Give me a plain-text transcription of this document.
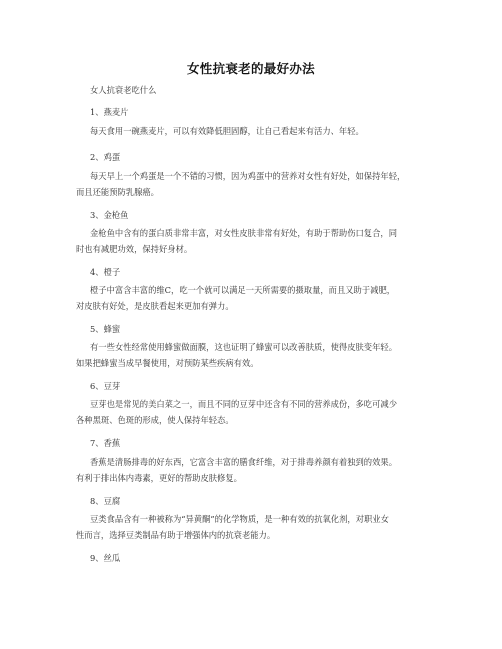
女性抗衰老的最好办法
女人抗衰老吃什么
1、燕麦片
每天食用一碗燕麦片，可以有效降低胆固醇，让自己看起来有活力、年轻。
2、鸡蛋
每天早上一个鸡蛋是一个不错的习惯，因为鸡蛋中的营养对女性有好处，如保持年轻，
而且还能预防乳腺癌。
3、金枪鱼
金枪鱼中含有的蛋白质非常丰富，对女性皮肤非常有好处，有助于帮助伤口复合，同
时也有减肥功效，保持好身材。
4、橙子
橙子中富含丰富的维C，吃一个就可以满足一天所需要的摄取量，而且又助于减肥，
对皮肤有好处，是皮肤看起来更加有弹力。
5、蜂蜜
有一些女性经常使用蜂蜜做面膜，这也证明了蜂蜜可以改善肤质，使得皮肤变年轻。
如果把蜂蜜当成早餐使用，对预防某些疾病有效。
6、豆芽
豆芽也是常见的美白菜之一，而且不同的豆芽中还含有不同的营养成份，多吃可减少
各种黑斑、色斑的形成，使人保持年轻态。
7、香蕉
香蕉是清肠排毒的好东西，它富含丰富的膳食纤维，对于排毒养颜有着独到的效果。
有利于排出体内毒素，更好的帮助皮肤修复。
8、豆腐
豆类食品含有一种被称为“异黄酮”的化学物质，是一种有效的抗氧化剂，对职业女
性而言，选择豆类制品有助于增强体内的抗衰老能力。
9、丝瓜
